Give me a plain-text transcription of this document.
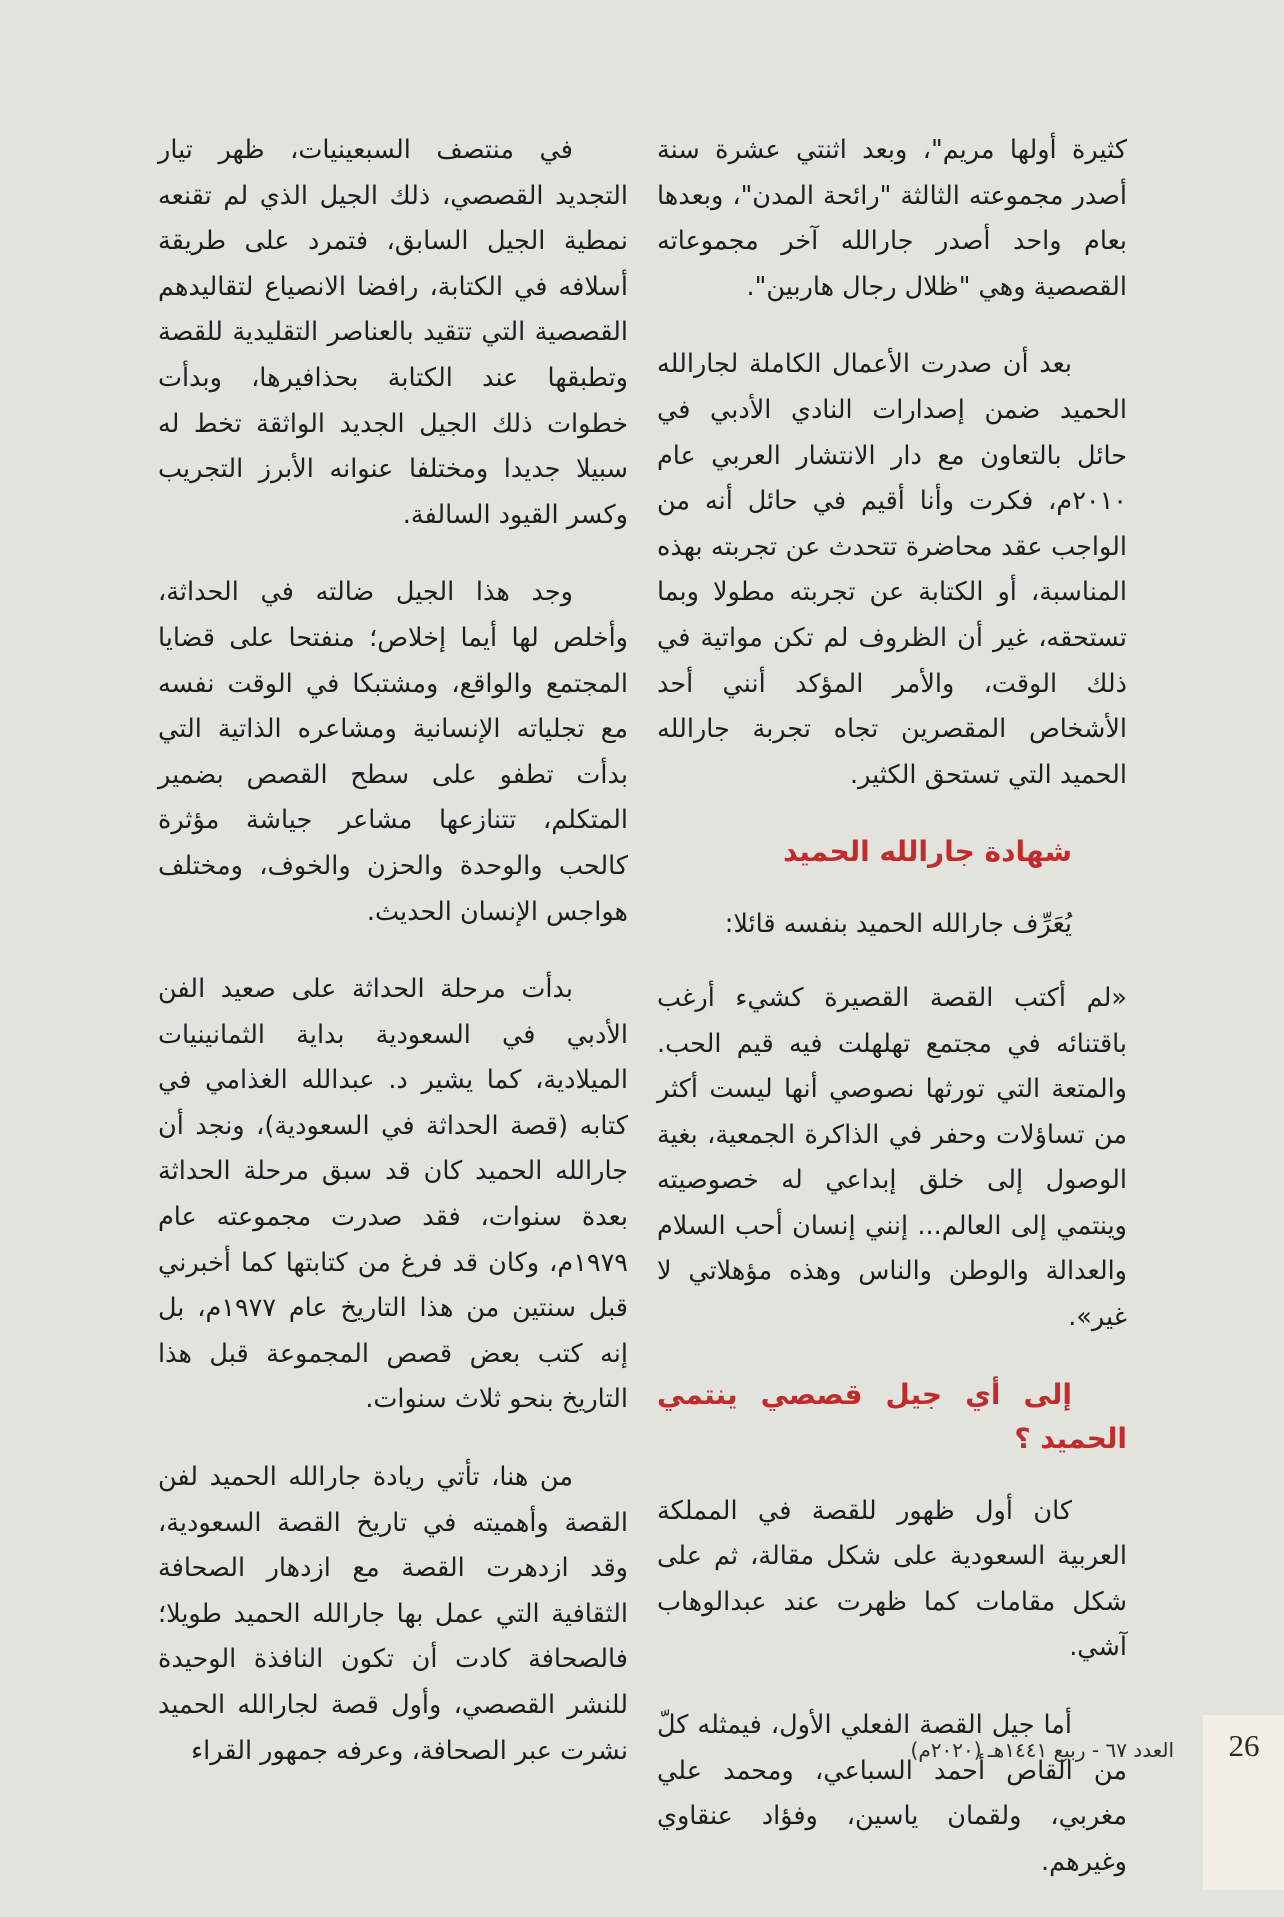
كثيرة أولها مريم"، وبعد اثنتي عشرة سنة أصدر مجموعته الثالثة "رائحة المدن"، وبعدها بعام واحد أصدر جارالله آخر مجموعاته القصصية وهي "ظلال رجال هاربين".

بعد أن صدرت الأعمال الكاملة لجارالله الحميد ضمن إصدارات النادي الأدبي في حائل بالتعاون مع دار الانتشار العربي عام ٢٠١٠م، فكرت وأنا أقيم في حائل أنه من الواجب عقد محاضرة تتحدث عن تجربته بهذه المناسبة، أو الكتابة عن تجربته مطولا وبما تستحقه، غير أن الظروف لم تكن مواتية في ذلك الوقت، والأمر المؤكد أنني أحد الأشخاص المقصرين تجاه تجربة جارالله الحميد التي تستحق الكثير.

شهادة جارالله الحميد

يُعَرِّف جارالله الحميد بنفسه قائلا:

«لم أكتب القصة القصيرة كشيء أرغب باقتنائه في مجتمع تهلهلت فيه قيم الحب. والمتعة التي تورثها نصوصي أنها ليست أكثر من تساؤلات وحفر في الذاكرة الجمعية، بغية الوصول إلى خلق إبداعي له خصوصيته وينتمي إلى العالم... إنني إنسان أحب السلام والعدالة والوطن والناس وهذه مؤهلاتي لا غير».

إلى أي جيل قصصي ينتمي الحميد ؟

كان أول ظهور للقصة في المملكة العربية السعودية على شكل مقالة، ثم على شكل مقامات كما ظهرت عند عبدالوهاب آشي.

أما جيل القصة الفعلي الأول، فيمثله كلّ من القاص أحمد السباعي، ومحمد علي مغربي، ولقمان ياسين، وفؤاد عنقاوي وغيرهم.

في منتصف السبعينيات، ظهر تيار التجديد القصصي، ذلك الجيل الذي لم تقنعه نمطية الجيل السابق، فتمرد على طريقة أسلافه في الكتابة، رافضا الانصياع لتقاليدهم القصصية التي تتقيد بالعناصر التقليدية للقصة وتطبقها عند الكتابة بحذافيرها، وبدأت خطوات ذلك الجيل الجديد الواثقة تخط له سبيلا جديدا ومختلفا عنوانه الأبرز التجريب وكسر القيود السالفة.

وجد هذا الجيل ضالته في الحداثة، وأخلص لها أيما إخلاص؛ منفتحا على قضايا المجتمع والواقع، ومشتبكا في الوقت نفسه مع تجلياته الإنسانية ومشاعره الذاتية التي بدأت تطفو على سطح القصص بضمير المتكلم، تتنازعها مشاعر جياشة مؤثرة كالحب والوحدة والحزن والخوف، ومختلف هواجس الإنسان الحديث.

بدأت مرحلة الحداثة على صعيد الفن الأدبي في السعودية بداية الثمانينيات الميلادية، كما يشير د. عبدالله الغذامي في كتابه (قصة الحداثة في السعودية)، ونجد أن جارالله الحميد كان قد سبق مرحلة الحداثة بعدة سنوات، فقد صدرت مجموعته عام ١٩٧٩م، وكان قد فرغ من كتابتها كما أخبرني قبل سنتين من هذا التاريخ عام ١٩٧٧م، بل إنه كتب بعض قصص المجموعة قبل هذا التاريخ بنحو ثلاث سنوات.

من هنا، تأتي ريادة جارالله الحميد لفن القصة وأهميته في تاريخ القصة السعودية، وقد ازدهرت القصة مع ازدهار الصحافة الثقافية التي عمل بها جارالله الحميد طويلا؛ فالصحافة كادت أن تكون النافذة الوحيدة للنشر القصصي، وأول قصة لجارالله الحميد نشرت عبر الصحافة، وعرفه جمهور القراء	26
العدد ٦٧ - ربيع ١٤٤١هـ (٢٠٢٠م)
